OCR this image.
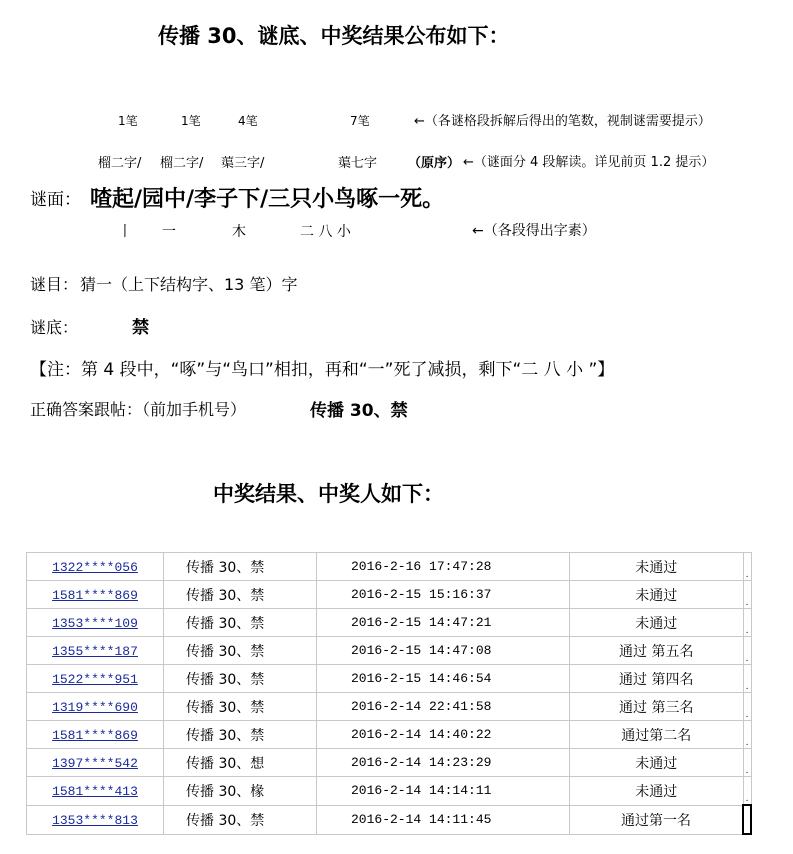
传播 30、谜底、中奖结果公布如下：
1笔	1笔	4笔	7笔	←（各谜格段拆解后得出的笔数，视制谜需要提示）
榴二字/ 榴二字/ 蕖三字/	蕖七字 （原序） ←（谜面分 4 段解读。详见前页 1.2 提示）
谜面： 喳起/园中/李子下/三只小鸟啄一死。
丨 一	木	二 八 小	←（各段得出字素）
谜目： 猜一（上下结构字、13 笔）字
谜底：	禁
【注：第 4 段中，“啄”与“鸟口”相扣，再和“一”死了减损，剩下“二 八 小 ”】
正确答案跟帖：（前加手机号）	传播 30、禁
中奖结果、中奖人如下：
1322****056	传播 30、禁	2016-2-16 17:47:28	未通过	.
1581****869	传播 30、禁	2016-2-15 15:16:37	未通过	.
1353****109	传播 30、禁	2016-2-15 14:47:21	未通过	.
1355****187	传播 30、禁	2016-2-15 14:47:08	通过 第五名	.
1522****951	传播 30、禁	2016-2-15 14:46:54	通过 第四名	.
1319****690	传播 30、禁	2016-2-14 22:41:58	通过 第三名	.
1581****869	传播 30、禁	2016-2-14 14:40:22	通过第二名	.
1397****542	传播 30、想	2016-2-14 14:23:29	未通过	.
1581****413	传播 30、椽	2016-2-14 14:14:11	未通过	.
1353****813	传播 30、禁	2016-2-14 14:11:45	通过第一名	
